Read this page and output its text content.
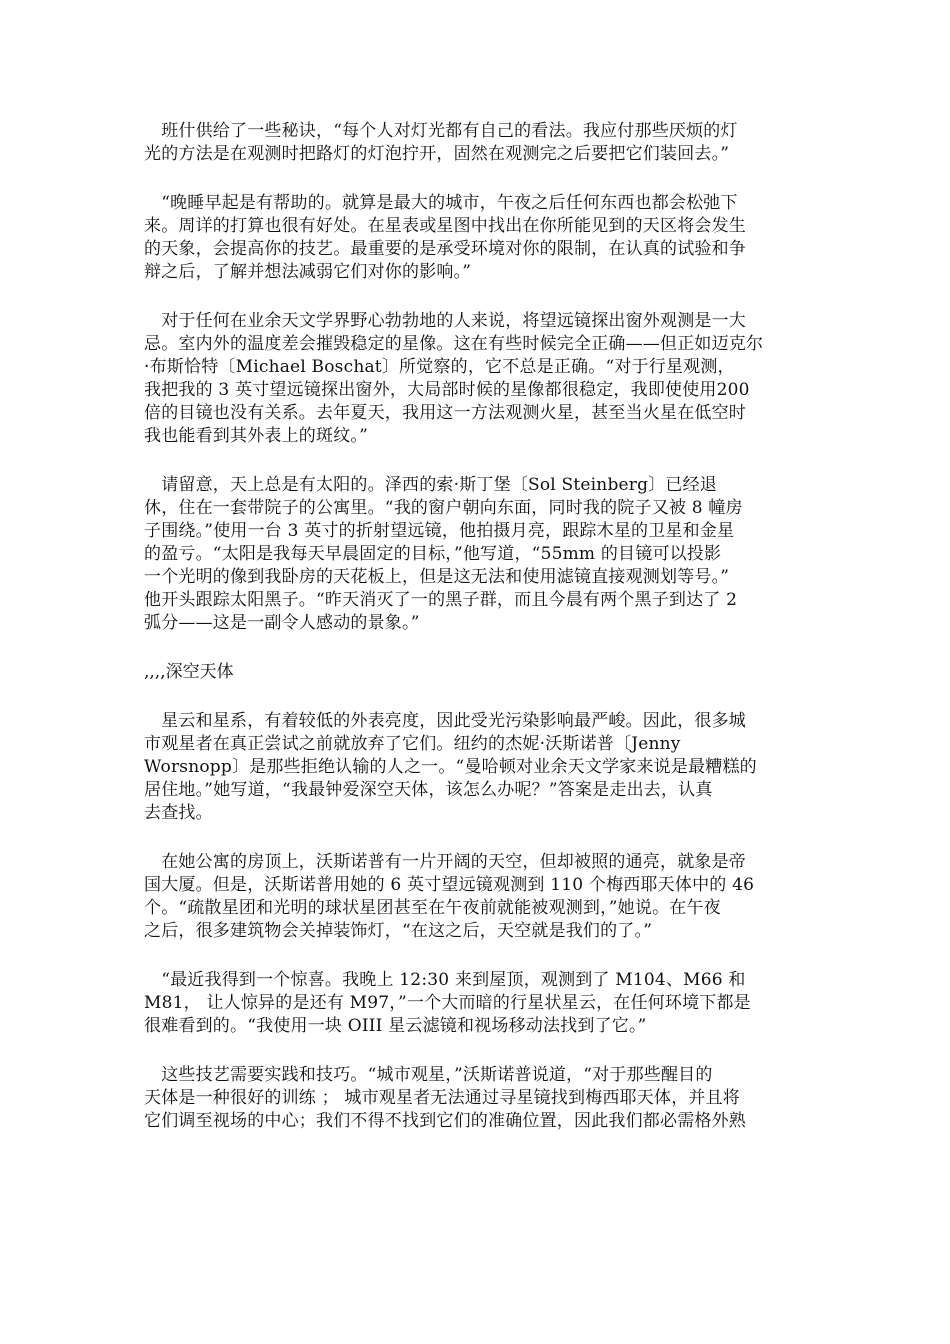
　班什供给了一些秘诀，“每个人对灯光都有自己的看法。我应付那些厌烦的灯
光的方法是在观测时把路灯的灯泡拧开，固然在观测完之后要把它们装回去。”
　“晚睡早起是有帮助的。就算是最大的城市，午夜之后任何东西也都会松弛下
来。周详的打算也很有好处。在星表或星图中找出在你所能见到的天区将会发生
的天象，会提高你的技艺。最重要的是承受环境对你的限制，在认真的试验和争
辩之后，了解并想法减弱它们对你的影响。”
　对于任何在业余天文学界野心勃勃地的人来说，将望远镜探出窗外观测是一大
忌。室内外的温度差会摧毁稳定的星像。这在有些时候完全正确——但正如迈克尔
·布斯恰特〔Michael Boschat〕所觉察的，它不总是正确。“对于行星观测，
我把我的 3 英寸望远镜探出窗外，大局部时候的星像都很稳定，我即使使用200
倍的目镜也没有关系。去年夏天，我用这一方法观测火星，甚至当火星在低空时
我也能看到其外表上的斑纹。”
　请留意，天上总是有太阳的。泽西的索·斯丁堡〔Sol Steinberg〕已经退
休，住在一套带院子的公寓里。“我的窗户朝向东面，同时我的院子又被 8 幢房
子围绕。”使用一台 3 英寸的折射望远镜，他拍摄月亮，跟踪木星的卫星和金星
的盈亏。“太阳是我每天早晨固定的目标，”他写道，“55mm 的目镜可以投影
一个光明的像到我卧房的天花板上，但是这无法和使用滤镜直接观测划等号。”
他开头跟踪太阳黑子。“昨天消灭了一的黑子群，而且今晨有两个黑子到达了 2
弧分——这是一副令人感动的景象。”
,,,,深空天体
　星云和星系，有着较低的外表亮度，因此受光污染影响最严峻。因此，很多城
市观星者在真正尝试之前就放弃了它们。纽约的杰妮·沃斯诺普〔Jenny
Worsnopp〕是那些拒绝认输的人之一。“曼哈顿对业余天文学家来说是最糟糕的
居住地。”她写道，“我最钟爱深空天体，该怎么办呢？”答案是走出去，认真
去查找。
　在她公寓的房顶上，沃斯诺普有一片开阔的天空，但却被照的通亮，就象是帝
国大厦。但是，沃斯诺普用她的 6 英寸望远镜观测到 110 个梅西耶天体中的 46
个。“疏散星团和光明的球状星团甚至在午夜前就能被观测到，”她说。在午夜
之后，很多建筑物会关掉装饰灯，“在这之后，天空就是我们的了。”
　“最近我得到一个惊喜。我晚上 12:30 来到屋顶，观测到了 M104、M66 和
M81， 让人惊异的是还有 M97，”一个大而暗的行星状星云，在任何环境下都是
很难看到的。“我使用一块 OIII 星云滤镜和视场移动法找到了它。”
　这些技艺需要实践和技巧。“城市观星，”沃斯诺普说道，“对于那些醒目的
天体是一种很好的训练 ； 城市观星者无法通过寻星镜找到梅西耶天体，并且将
它们调至视场的中心；我们不得不找到它们的准确位置，因此我们都必需格外熟
